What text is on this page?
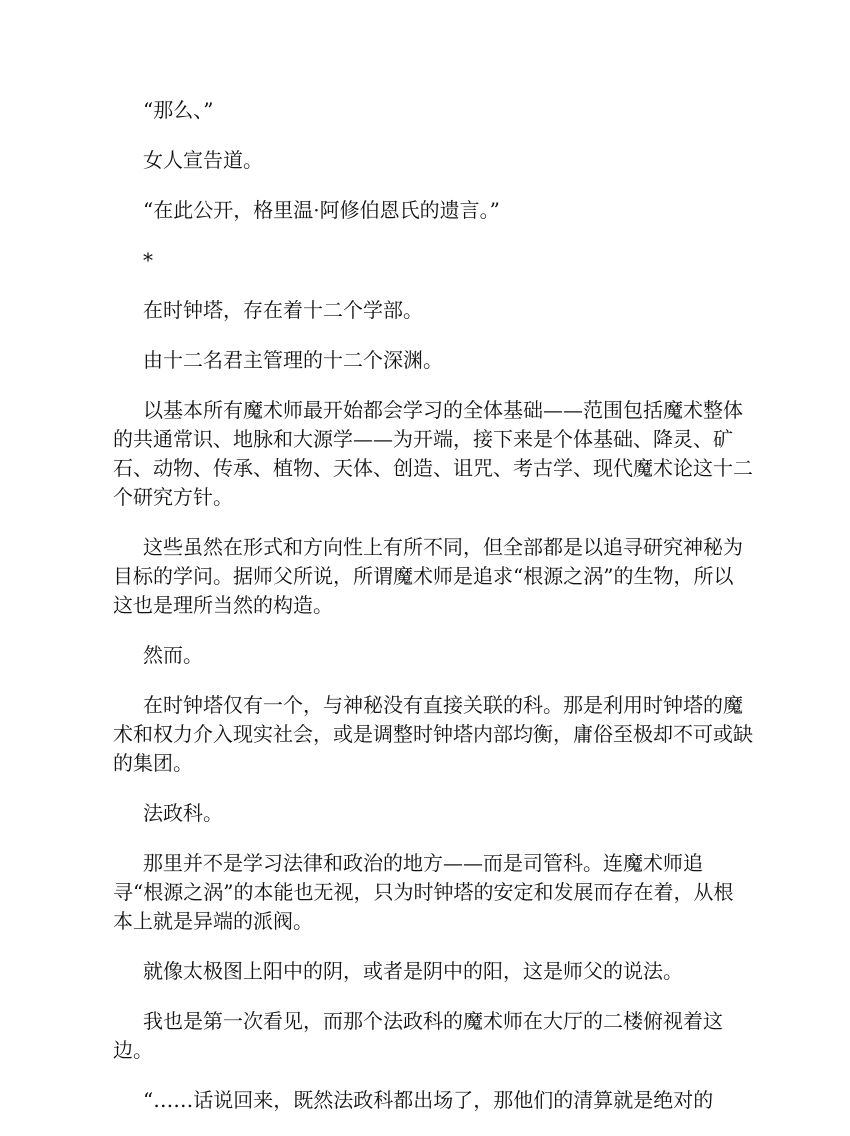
“那么、”

女人宣告道。

“在此公开，格里温·阿修伯恩氏的遗言。”

*

在时钟塔，存在着十二个学部。

由十二名君主管理的十二个深渊。

以基本所有魔术师最开始都会学习的全体基础——范围包括魔术整体的共通常识、地脉和大源学——为开端，接下来是个体基础、降灵、矿石、动物、传承、植物、天体、创造、诅咒、考古学、现代魔术论这十二个研究方针。

这些虽然在形式和方向性上有所不同，但全部都是以追寻研究神秘为目标的学问。据师父所说，所谓魔术师是追求“根源之涡”的生物，所以这也是理所当然的构造。

然而。

在时钟塔仅有一个，与神秘没有直接关联的科。那是利用时钟塔的魔术和权力介入现实社会，或是调整时钟塔内部均衡，庸俗至极却不可或缺的集团。

法政科。

那里并不是学习法律和政治的地方——而是司管科。连魔术师追寻“根源之涡”的本能也无视，只为时钟塔的安定和发展而存在着，从根本上就是异端的派阀。

就像太极图上阳中的阴，或者是阴中的阳，这是师父的说法。

我也是第一次看见，而那个法政科的魔术师在大厅的二楼俯视着这边。

“……话说回来，既然法政科都出场了，那他们的清算就是绝对的
